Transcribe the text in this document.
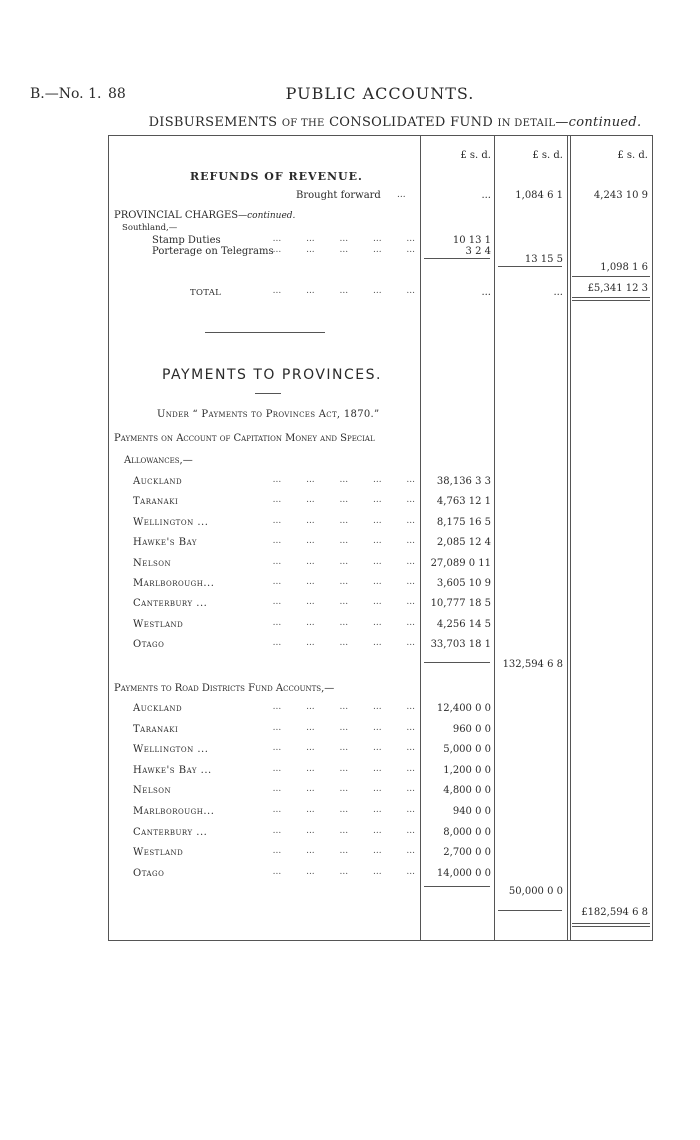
B.—No. 1. 88	PUBLIC ACCOUNTS.
DISBURSEMENTS OF THE CONSOLIDATED FUND IN DETAIL—continued.
£ s. d.	£ s. d.	£ s. d.
REFUNDS OF REVENUE.
Brought forward ...	...	1,084 6 1	4,243 10 9
PROVINCIAL CHARGES—continued.
Southland,—
Stamp Duties	... ... ... ... ...	10 13 1
Porterage on Telegrams ... ... ... ... ...	3 2 4
13 15 5
1,098 1 6
TOTAL	... ... ... ... ...	...	...	£5,341 12 3
PAYMENTS TO PROVINCES.
Under “ Payments to Provinces Act, 1870.”
Payments on Account of Capitation Money and Special
Allowances,—
Auckland	... ... ... ... ...	38,136 3 3
Taranaki	... ... ... ... ...	4,763 12 1
Wellington ...	... ... ... ... ...	8,175 16 5
Hawke's Bay	... ... ... ... ...	2,085 12 4
Nelson	... ... ... ... ...	27,089 0 11
Marlborough...	... ... ... ... ...	3,605 10 9
Canterbury ...	... ... ... ... ...	10,777 18 5
Westland	... ... ... ... ...	4,256 14 5
Otago	... ... ... ... ...	33,703 18 1
132,594 6 8
Payments to Road Districts Fund Accounts,—
Auckland	... ... ... ... ...	12,400 0 0
Taranaki	... ... ... ... ...	960 0 0
Wellington ...	... ... ... ... ...	5,000 0 0
Hawke's Bay ...	... ... ... ... ...	1,200 0 0
Nelson	... ... ... ... ...	4,800 0 0
Marlborough...	... ... ... ... ...	940 0 0
Canterbury ...	... ... ... ... ...	8,000 0 0
Westland	... ... ... ... ...	2,700 0 0
Otago	... ... ... ... ...	14,000 0 0
50,000 0 0
£182,594 6 8
